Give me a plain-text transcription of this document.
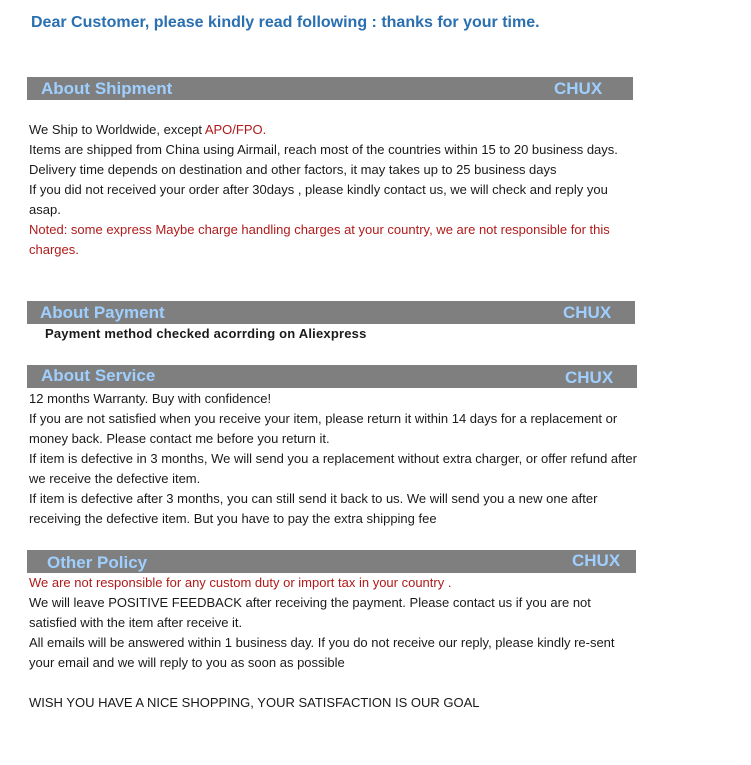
Dear Customer, please kindly read following : thanks for your time.
About Shipment	CHUX

We Ship to Worldwide, except APO/FPO.

Items are shipped from China using Airmail, reach most of the countries within 15 to 20 business days.

Delivery time depends on destination and other factors, it may takes up to 25 business days

If you did not received your order after 30days , please kindly contact us, we will check and reply you asap.

Noted: some express Maybe charge handling charges at your country, we are not responsible for this charges.

About Payment	CHUX
Payment method checked acorrding on Aliexpress
About Service	CHUX

12 months Warranty. Buy with confidence!

If you are not satisfied when you receive your item, please return it within 14 days for a replacement or money back. Please contact me before you return it.

If item is defective in 3 months, We will send you a replacement without extra charger, or offer refund after we receive the defective item.

If item is defective after 3 months, you can still send it back to us. We will send you a new one after receiving the defective item. But you have to pay the extra shipping fee

Other Policy	CHUX

We are not responsible for any custom duty or import tax in your country .

We will leave POSITIVE FEEDBACK after receiving the payment. Please contact us if you are not satisfied with the item after receive it.

All emails will be answered within 1 business day. If you do not receive our reply, please kindly re-sent your email and we will reply to you as soon as possible

WISH YOU HAVE A NICE SHOPPING, YOUR SATISFACTION IS OUR GOAL
